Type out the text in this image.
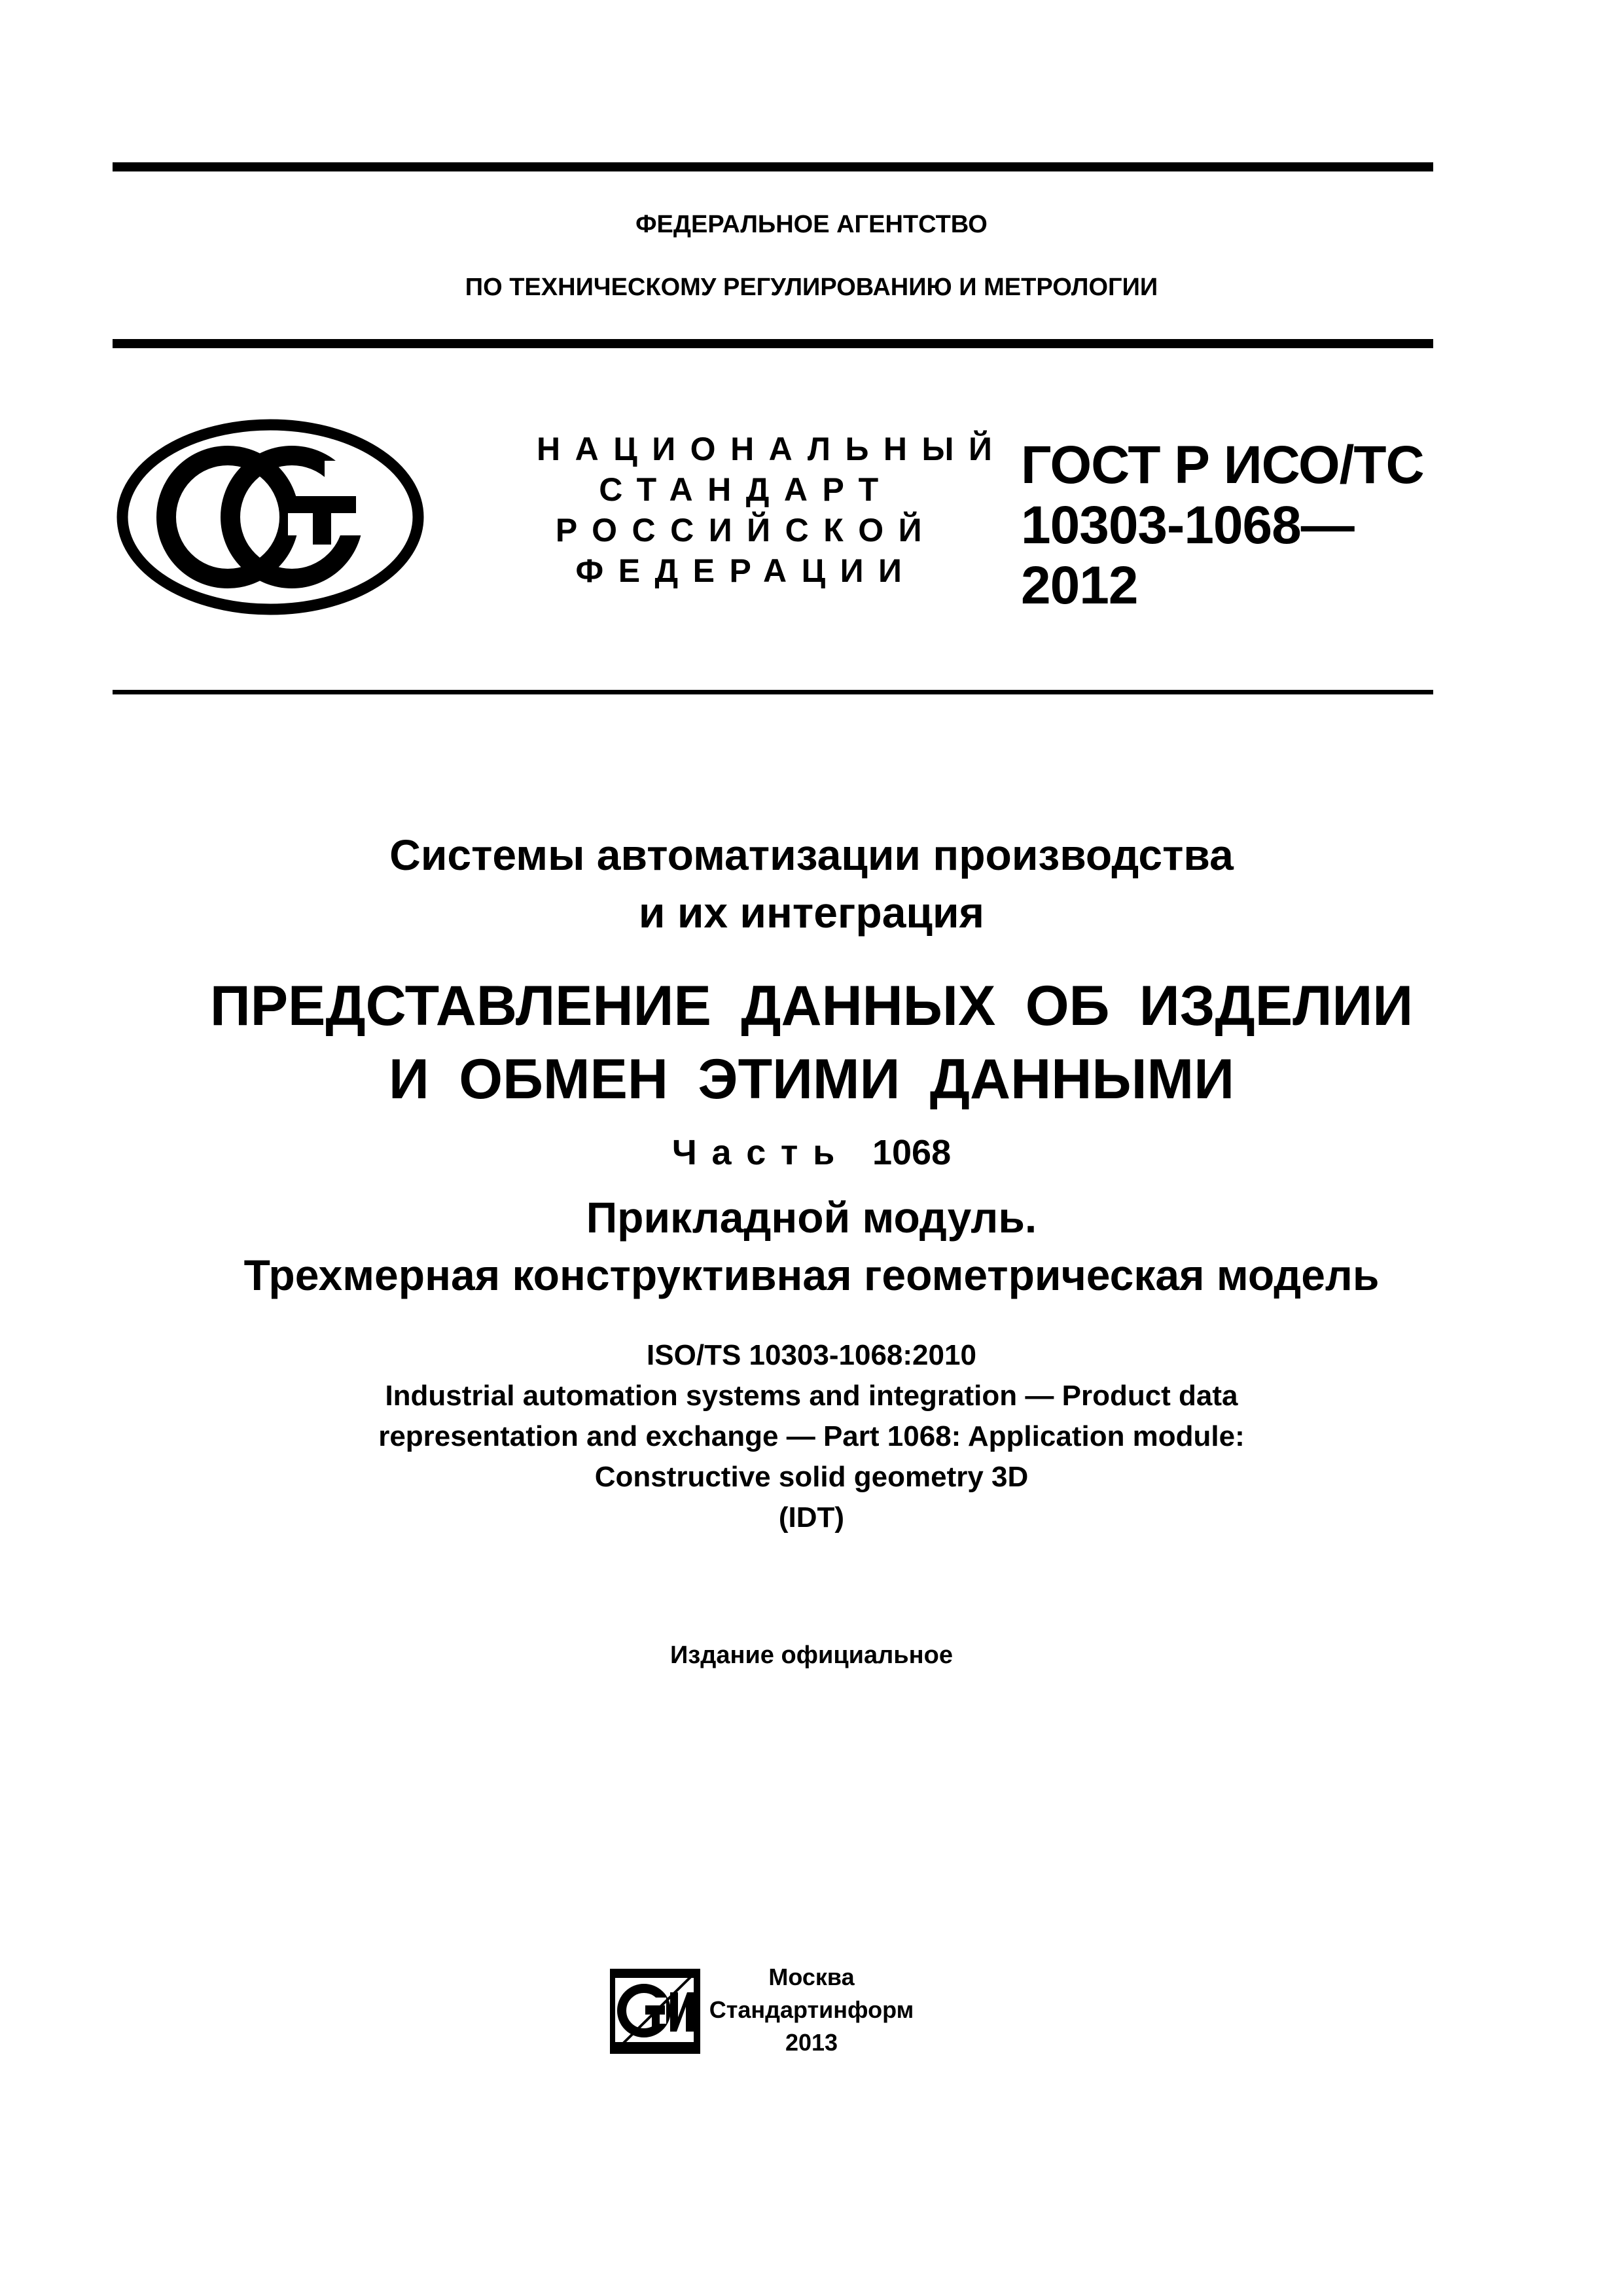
ФЕДЕРАЛЬНОЕ АГЕНТСТВО
ПО ТЕХНИЧЕСКОМУ РЕГУЛИРОВАНИЮ И МЕТРОЛОГИИ
НАЦИОНАЛЬНЫЙ
СТАНДАРТ
РОССИЙСКОЙ
ФЕДЕРАЦИИ
ГОСТ Р ИСО/ТС
10303-1068—
2012
Системы автоматизации производства
и их интеграция
ПРЕДСТАВЛЕНИЕ ДАННЫХ ОБ ИЗДЕЛИИ
И ОБМЕН ЭТИМИ ДАННЫМИ
Часть 1068
Прикладной модуль.
Трехмерная конструктивная геометрическая модель
ISO/TS 10303-1068:2010
Industrial automation systems and integration — Product data
representation and exchange — Part 1068: Application module:
Constructive solid geometry 3D
(IDT)
Издание официальное
Москва
Стандартинформ
2013
